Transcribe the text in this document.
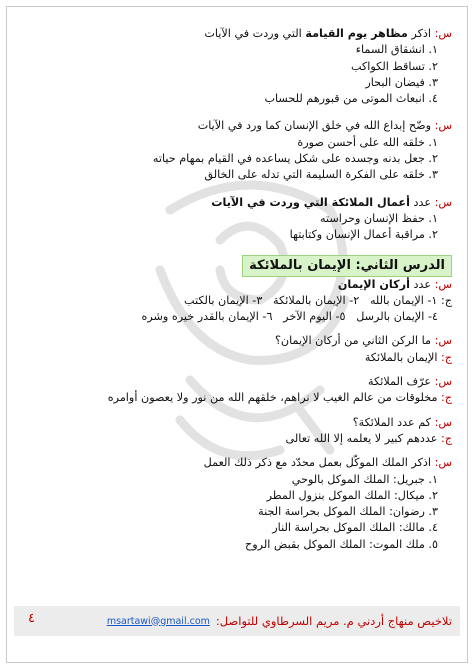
س: اذكر مظاهر يوم القيامة التي وردت في الآيات

١. انشقاق السماء
٢. تساقط الكواكب
٣. فيضان البحار
٤. انبعاث الموتى من قبورهم للحساب

س: وضّح إبداع الله في خلق الإنسان كما ورد في الآيات

١. خلقه الله على أحسن صورة
٢. جعل بدنه وجسده على شكل يساعده في القيام بمهام حياته
٣. خلقه على الفكرة السليمة التي تدله على الخالق

س: عدد أعمال الملائكة التي وردت في الآيات

١. حفظ الإنسان وحراسته
٢. مراقبة أعمال الإنسان وكتابتها
الدرس الثاني: الإيمان بالملائكة

س: عدد أركان الإيمان

ج: ١- الإيمان بالله   ٢- الإيمان بالملائكة   ٣- الإيمان بالكتب
٤- الإيمان بالرسل   ٥- اليوم الآخر   ٦- الإيمان بالقدر خيره وشره

س: ما الركن الثاني من أركان الإيمان؟

ج: الإيمان بالملائكة

س: عرّف الملائكة

ج: مخلوقات من عالم الغيب لا نراهم، خلقهم الله من نور ولا يعصون أوامره

س: كم عدد الملائكة؟

ج: عددهم كبير لا يعلمه إلا الله تعالى

س: اذكر الملك الموكّل بعمل محدّد مع ذكر ذلك العمل

١. جبريل: الملك الموكل بالوحي
٢. ميكال: الملك الموكل بنزول المطر
٣. رضوان: الملك الموكل بحراسة الجنة
٤. مالك: الملك الموكل بحراسة النار
٥. ملك الموت: الملك الموكل بقبض الروح
تلاخيص منهاج أردني م. مريم السرطاوي للتواصل:
msartawi@gmail.com
٤
